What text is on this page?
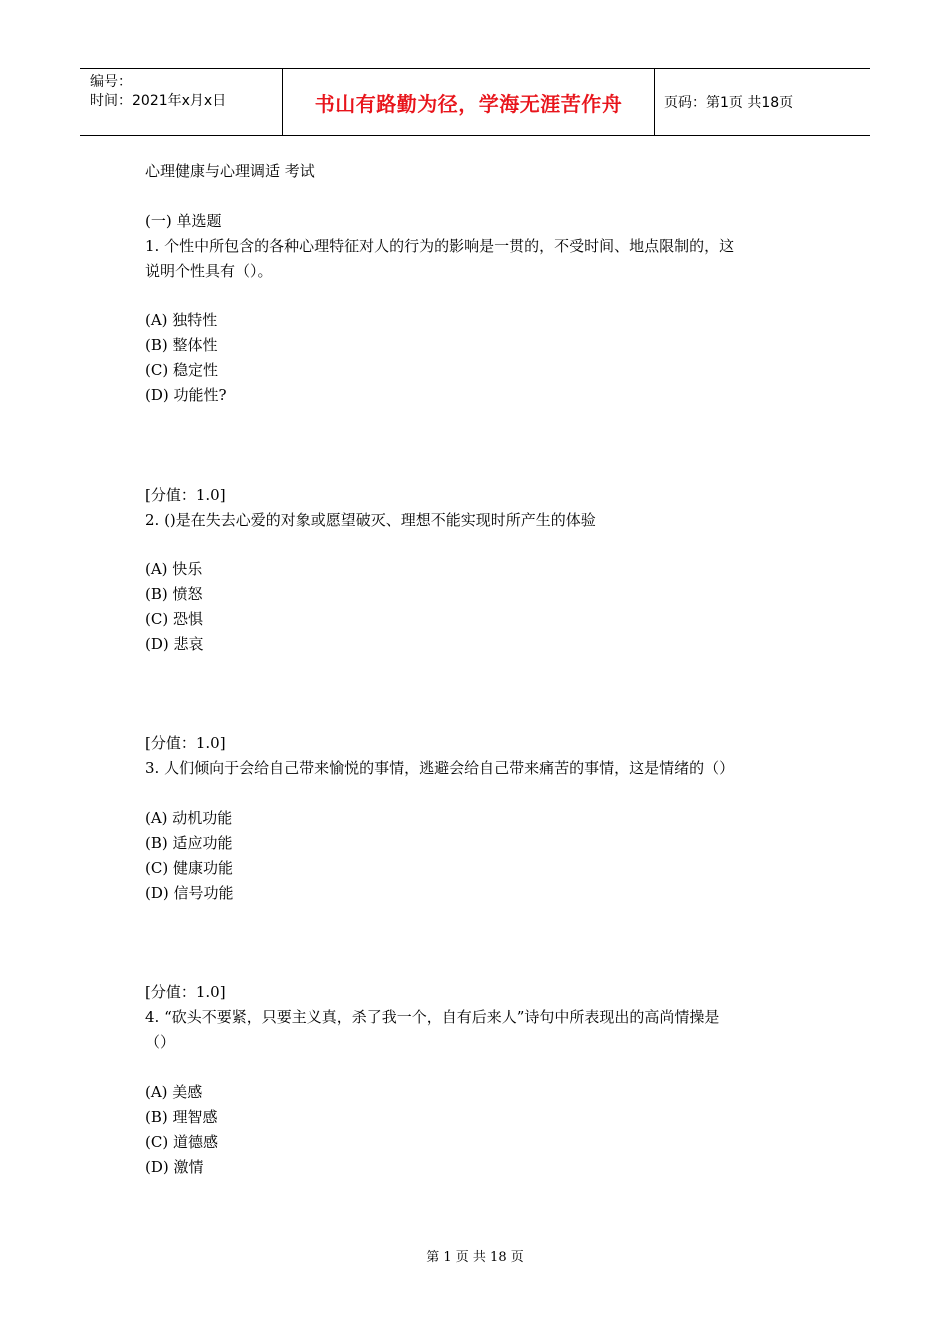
编号：
时间：2021年x月x日	书山有路勤为径，学海无涯苦作舟	页码：第1页 共18页
心理健康与心理调适 考试
(一) 单选题
1. 个性中所包含的各种心理特征对人的行为的影响是一贯的，不受时间、地点限制的，这
说明个性具有（）。
(A) 独特性
(B) 整体性
(C) 稳定性
(D) 功能性?
[分值：1.0]
2. ()是在失去心爱的对象或愿望破灭、理想不能实现时所产生的体验
(A) 快乐
(B) 愤怒
(C) 恐惧
(D) 悲哀
[分值：1.0]
3. 人们倾向于会给自己带来愉悦的事情，逃避会给自己带来痛苦的事情，这是情绪的（）
(A) 动机功能
(B) 适应功能
(C) 健康功能
(D) 信号功能
[分值：1.0]
4. “砍头不要紧，只要主义真，杀了我一个，自有后来人”诗句中所表现出的高尚情操是
（）
(A) 美感
(B) 理智感
(C) 道德感
(D) 激情
第 1 页 共 18 页
